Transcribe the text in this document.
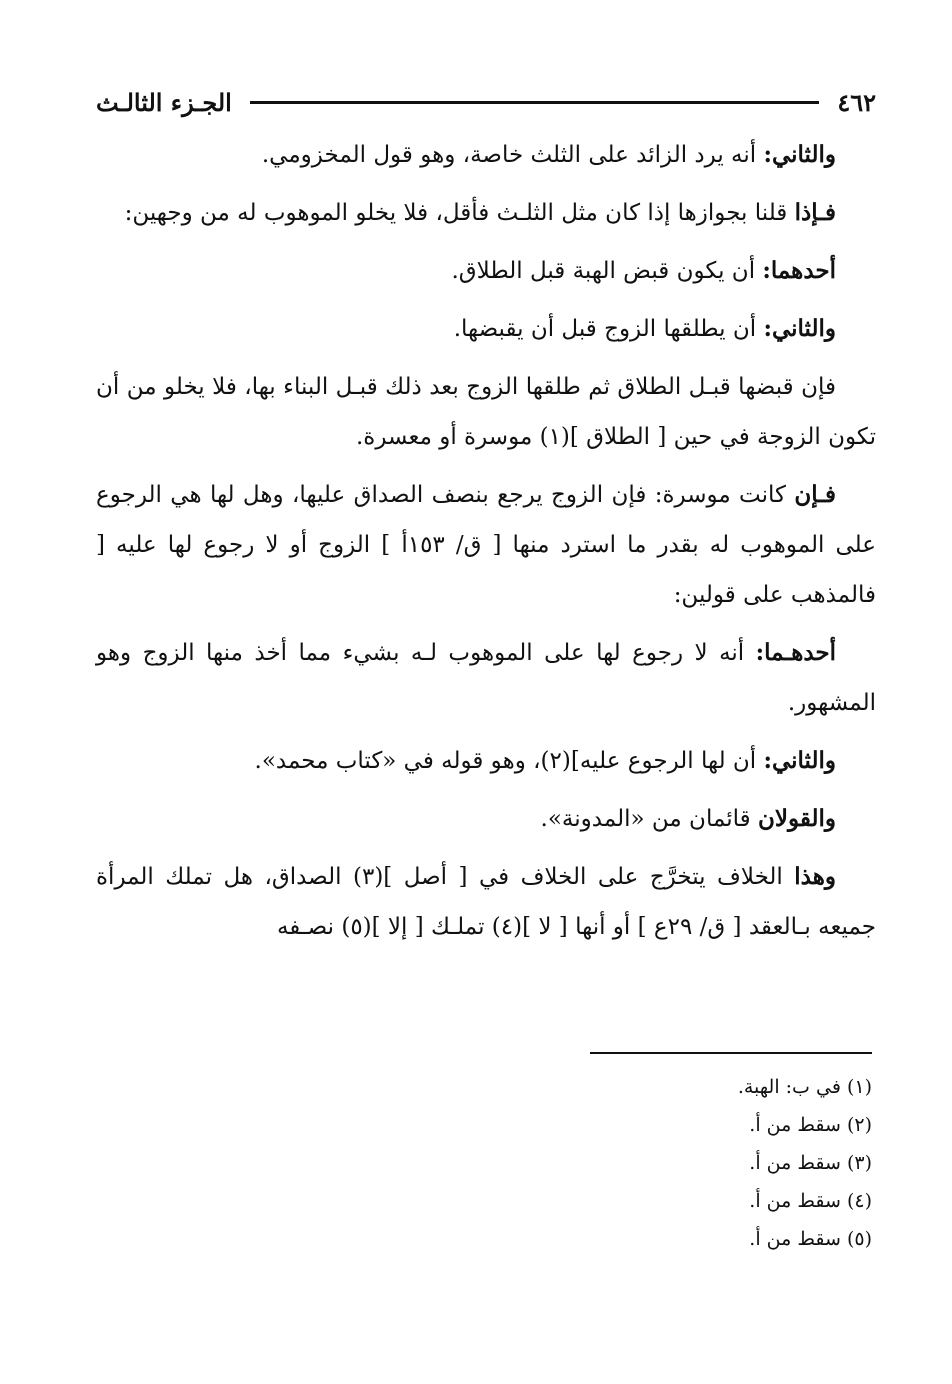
٤٦٢
الجـزء الثالـث

والثاني: أنه يرد الزائد على الثلث خاصة، وهو قول المخزومي.

فـإذا قلنا بجوازها إذا كان مثل الثلـث فأقل، فلا يخلو الموهوب له من وجهين:

أحدهما: أن يكون قبض الهبة قبل الطلاق.

والثاني: أن يطلقها الزوج قبل أن يقبضها.

فإن قبضها قبـل الطلاق ثم طلقها الزوج بعد ذلك قبـل البناء بها، فلا يخلو من أن تكون الزوجة في حين [ الطلاق ](١) موسرة أو معسرة.

فـإن كانت موسرة: فإن الزوج يرجع بنصف الصداق عليها، وهل لها هي الرجوع على الموهوب له بقدر ما استرد منها [ ق/ ١٥٣أ ] الزوج أو لا رجوع لها عليه [ فالمذهب على قولين:

أحدهـما: أنه لا رجوع لها على الموهوب لـه بشيء مما أخذ منها الزوج وهو المشهور.

والثاني: أن لها الرجوع عليه](٢)، وهو قوله في «كتاب محمد».

والقولان قائمان من «المدونة».

وهذا الخلاف يتخرَّج على الخلاف في [ أصل ](٣) الصداق، هل تملك المرأة جميعه بـالعقد [ ق/ ٢٩ع ] أو أنها [ لا ](٤) تملـك [ إلا ](٥) نصـفه

(١) في ب: الهبة.
(٢) سقط من أ.
(٣) سقط من أ.
(٤) سقط من أ.
(٥) سقط من أ.
